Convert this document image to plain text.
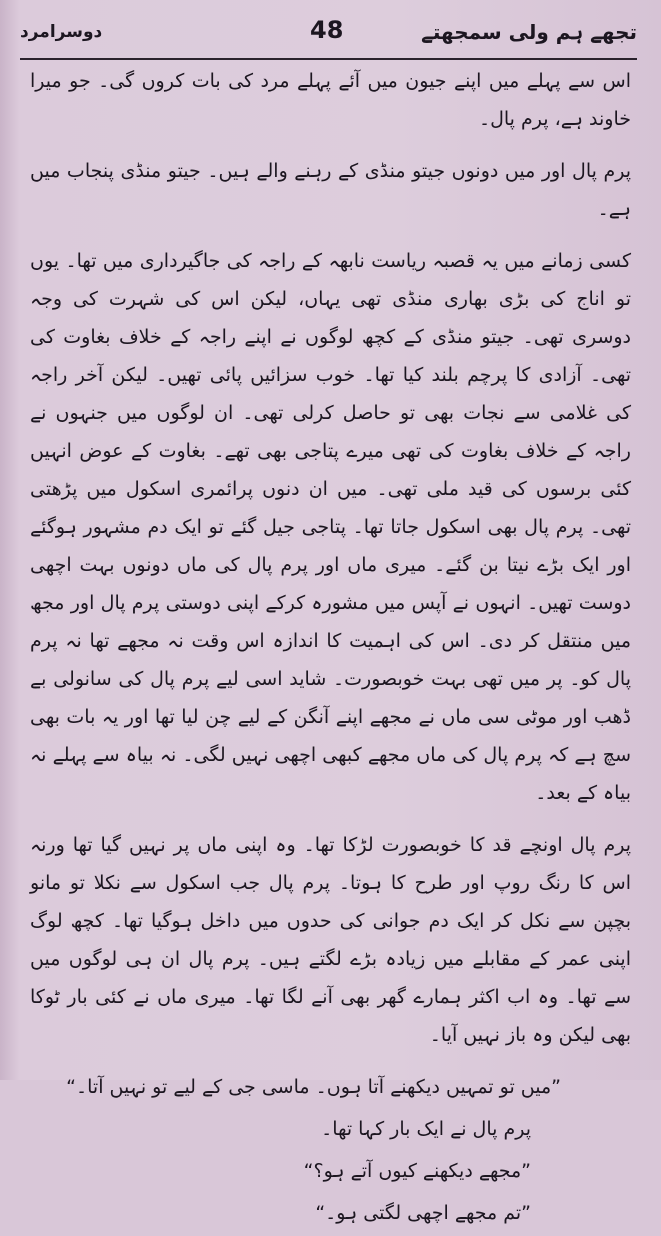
تجھے ہم ولی سمجھتے
48
دوسرامرد

اس سے پہلے میں اپنے جیون میں آئے پہلے مرد کی بات کروں گی۔ جو میرا خاوند ہے، پرم پال۔

پرم پال اور میں دونوں جیتو منڈی کے رہنے والے ہیں۔ جیتو منڈی پنجاب میں ہے۔

کسی زمانے میں یہ قصبہ ریاست نابھہ کے راجہ کی جاگیرداری میں تھا۔ یوں تو اناج کی بڑی بھاری منڈی تھی یہاں، لیکن اس کی شہرت کی وجہ دوسری تھی۔ جیتو منڈی کے کچھ لوگوں نے اپنے راجہ کے خلاف بغاوت کی تھی۔ آزادی کا پرچم بلند کیا تھا۔ خوب سزائیں پائی تھیں۔ لیکن آخر راجہ کی غلامی سے نجات بھی تو حاصل کرلی تھی۔ ان لوگوں میں جنہوں نے راجہ کے خلاف بغاوت کی تھی میرے پتاجی بھی تھے۔ بغاوت کے عوض انہیں کئی برسوں کی قید ملی تھی۔ میں ان دنوں پرائمری اسکول میں پڑھتی تھی۔ پرم پال بھی اسکول جاتا تھا۔ پتاجی جیل گئے تو ایک دم مشہور ہوگئے اور ایک بڑے نیتا بن گئے۔ میری ماں اور پرم پال کی ماں دونوں بہت اچھی دوست تھیں۔ انہوں نے آپس میں مشورہ کرکے اپنی دوستی پرم پال اور مجھ میں منتقل کر دی۔ اس کی اہمیت کا اندازہ اس وقت نہ مجھے تھا نہ پرم پال کو۔ پر میں تھی بہت خوبصورت۔ شاید اسی لیے پرم پال کی سانولی بے ڈھب اور موٹی سی ماں نے مجھے اپنے آنگن کے لیے چن لیا تھا اور یہ بات بھی سچ ہے کہ پرم پال کی ماں مجھے کبھی اچھی نہیں لگی۔ نہ بیاہ سے پہلے نہ بیاہ کے بعد۔

پرم پال اونچے قد کا خوبصورت لڑکا تھا۔ وہ اپنی ماں پر نہیں گیا تھا ورنہ اس کا رنگ روپ اور طرح کا ہوتا۔ پرم پال جب اسکول سے نکلا تو مانو بچپن سے نکل کر ایک دم جوانی کی حدوں میں داخل ہوگیا تھا۔ کچھ لوگ اپنی عمر کے مقابلے میں زیادہ بڑے لگتے ہیں۔ پرم پال ان ہی لوگوں میں سے تھا۔ وہ اب اکثر ہمارے گھر بھی آنے لگا تھا۔ میری ماں نے کئی بار ٹوکا بھی لیکن وہ باز نہیں آیا۔

”میں تو تمہیں دیکھنے آتا ہوں۔ ماسی جی کے لیے تو نہیں آتا۔“

پرم پال نے ایک بار کہا تھا۔

”مجھے دیکھنے کیوں آتے ہو؟“

”تم مجھے اچھی لگتی ہو۔“
